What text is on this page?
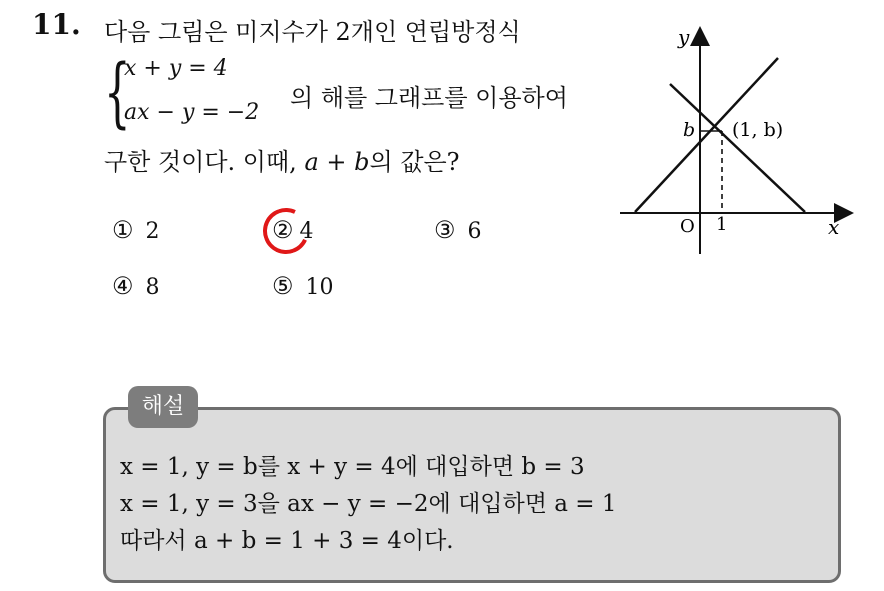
11. 다음 그림은 미지수가 2개인 연립방정식
{
x + y = 4
ax − y = −2
의 해를 그래프를 이용하여
구한 것이다. 이때, a + b의 값은?
① 2	② 4	③ 6
④ 8	⑤ 10
y
x
O 1
b (1, b)
해설
x = 1, y = b를 x + y = 4에 대입하면 b = 3
x = 1, y = 3을 ax − y = −2에 대입하면 a = 1
따라서 a + b = 1 + 3 = 4이다.
